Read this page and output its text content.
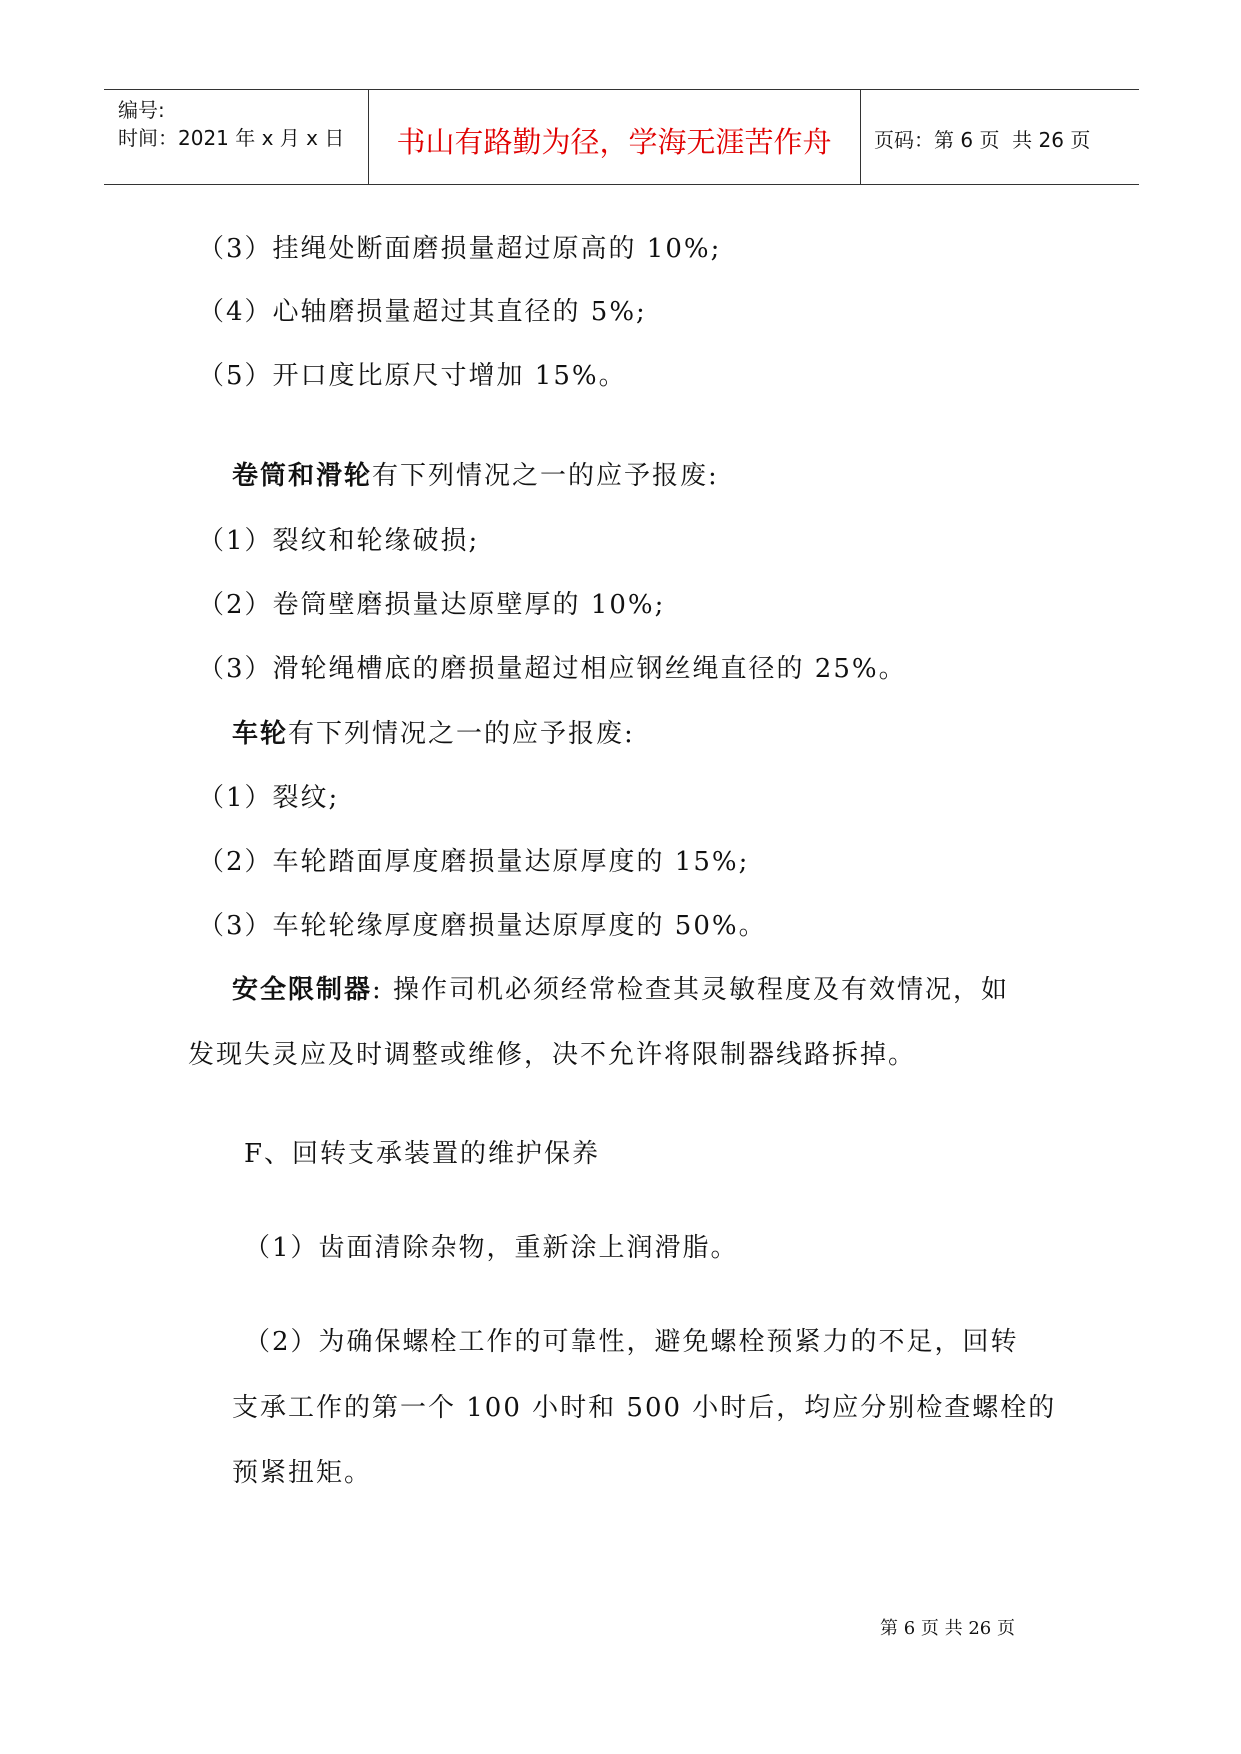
编号:
时间：2021 年 x 月 x 日	书山有路勤为径，学海无涯苦作舟	页码：第 6 页  共 26 页
（3）挂绳处断面磨损量超过原高的 10%;
（4）心轴磨损量超过其直径的 5%;
（5）开口度比原尺寸增加 15%。
卷筒和滑轮有下列情况之一的应予报废:
（1）裂纹和轮缘破损;
（2）卷筒壁磨损量达原壁厚的 10%;
（3）滑轮绳槽底的磨损量超过相应钢丝绳直径的 25%。
车轮有下列情况之一的应予报废:
（1）裂纹;
（2）车轮踏面厚度磨损量达原厚度的 15%;
（3）车轮轮缘厚度磨损量达原厚度的 50%。
安全限制器: 操作司机必须经常检查其灵敏程度及有效情况，如
发现失灵应及时调整或维修，决不允许将限制器线路拆掉。
F、回转支承装置的维护保养
（1）齿面清除杂物，重新涂上润滑脂。
（2）为确保螺栓工作的可靠性，避免螺栓预紧力的不足，回转
支承工作的第一个 100 小时和 500 小时后，均应分别检查螺栓的
预紧扭矩。
第 6 页 共 26 页
